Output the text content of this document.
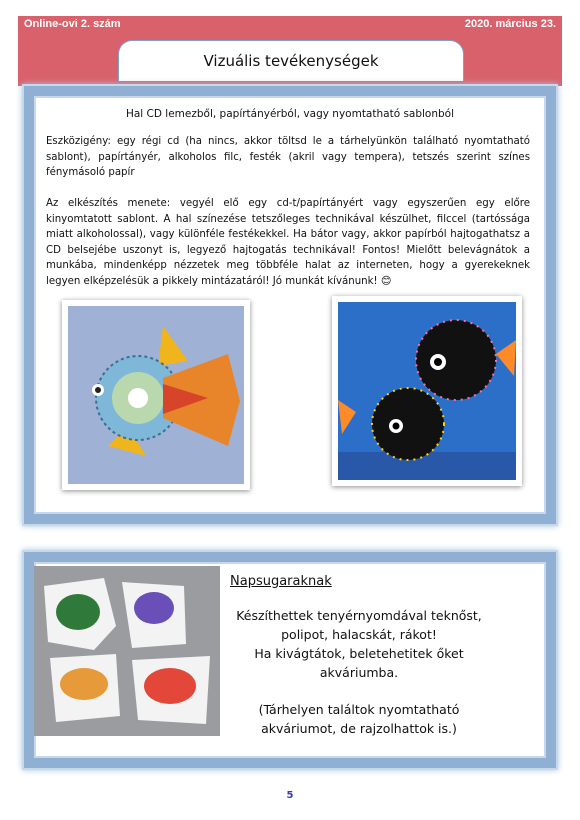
Online-ovi 2. szám	2020. március 23.
Vizuális tevékenységek
Hal CD lemezből, papírtányérból, vagy nyomtatható sablonból
Eszközigény: egy régi cd (ha nincs, akkor töltsd le a tárhelyünkön található nyomtatható sablont), papírtányér, alkoholos filc, festék (akril vagy tempera), tetszés szerint színes fénymásoló papír
Az elkészítés menete: vegyél elő egy cd-t/papírtányért vagy egyszerűen egy előre kinyomtatott sablont. A hal színezése tetszőleges technikával készülhet, filccel (tartóssága miatt alkoholossal), vagy különféle festékekkel. Ha bátor vagy, akkor papírból hajtogathatsz a CD belsejébe uszonyt is, legyező hajtogatás technikával! Fontos! Mielőtt belevágnátok a munkába, mindenképp nézzetek meg többféle halat az interneten, hogy a gyerekeknek legyen elképzelésük a pikkely mintázatáról! Jó munkát kívánunk! 😊
Napsugaraknak

Készíthettek tenyérnyomdával teknőst, polipot, halacskát, rákot!

Ha kivágtátok, beletehetitek őket akváriumba.

(Tárhelyen találtok nyomtatható akváriumot, de rajzolhattok is.)

5
